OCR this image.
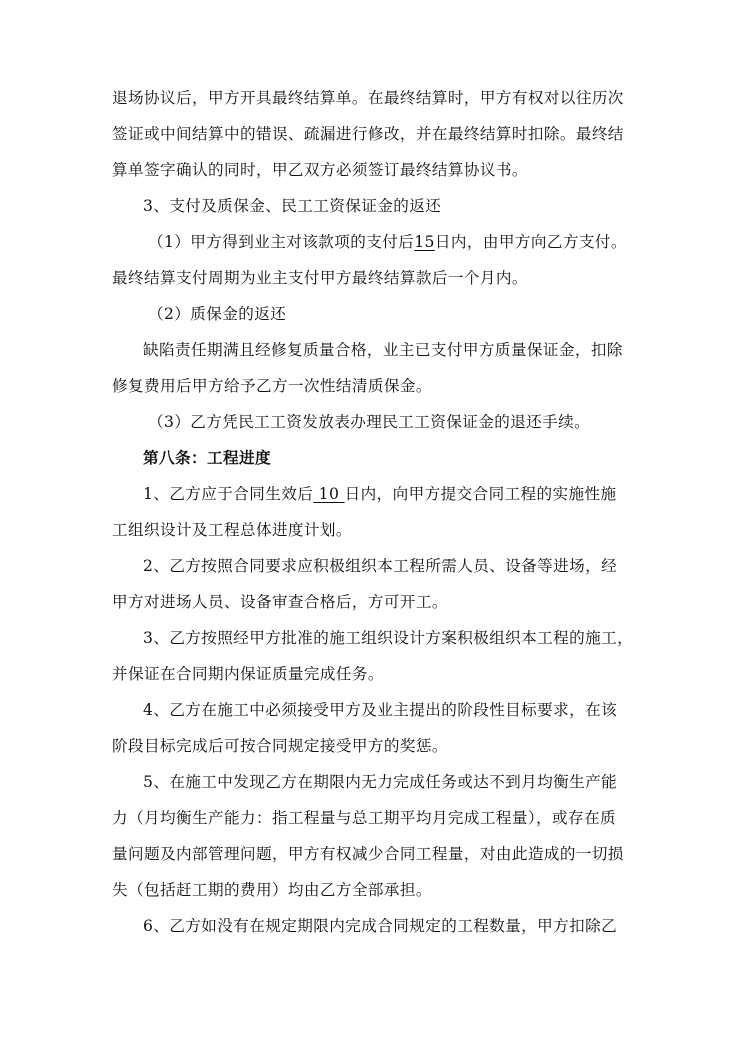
退场协议后，甲方开具最终结算单。在最终结算时，甲方有权对以往历次
签证或中间结算中的错误、疏漏进行修改，并在最终结算时扣除。最终结
算单签字确认的同时，甲乙双方必须签订最终结算协议书。
3、支付及质保金、民工工资保证金的返还
（1）甲方得到业主对该款项的支付后15日内，由甲方向乙方支付。
最终结算支付周期为业主支付甲方最终结算款后一个月内。
（2）质保金的返还
缺陷责任期满且经修复质量合格，业主已支付甲方质量保证金，扣除
修复费用后甲方给予乙方一次性结清质保金。
（3）乙方凭民工工资发放表办理民工工资保证金的退还手续。
第八条：工程进度
1、乙方应于合同生效后 10 日内，向甲方提交合同工程的实施性施
工组织设计及工程总体进度计划。
2、乙方按照合同要求应积极组织本工程所需人员、设备等进场，经
甲方对进场人员、设备审查合格后，方可开工。
3、乙方按照经甲方批准的施工组织设计方案积极组织本工程的施工，
并保证在合同期内保证质量完成任务。
4、乙方在施工中必须接受甲方及业主提出的阶段性目标要求，在该
阶段目标完成后可按合同规定接受甲方的奖惩。
5、在施工中发现乙方在期限内无力完成任务或达不到月均衡生产能
力（月均衡生产能力：指工程量与总工期平均月完成工程量），或存在质
量问题及内部管理问题，甲方有权减少合同工程量，对由此造成的一切损
失（包括赶工期的费用）均由乙方全部承担。
6、乙方如没有在规定期限内完成合同规定的工程数量，甲方扣除乙
